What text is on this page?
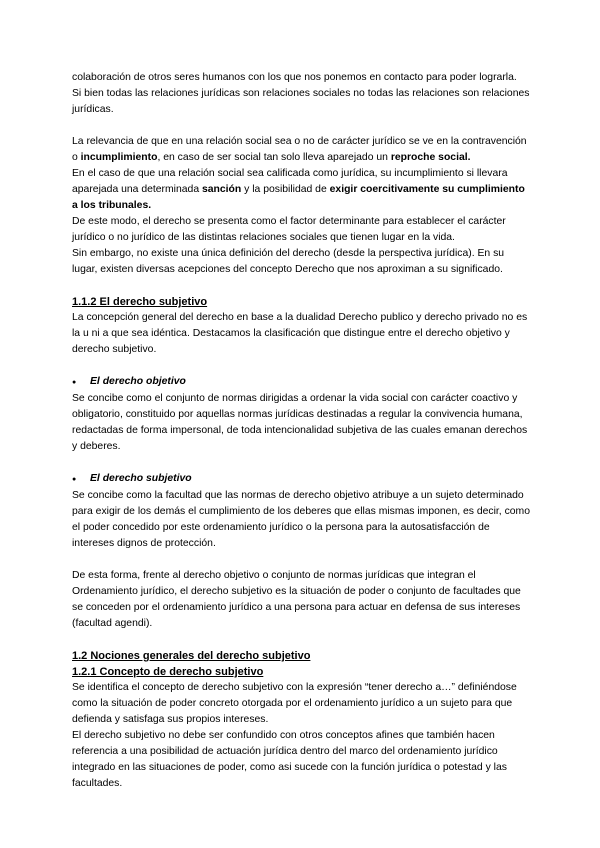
colaboración de otros seres humanos con los que nos ponemos en contacto para poder lograrla.

Si bien todas las relaciones jurídicas son relaciones sociales no todas las relaciones son relaciones jurídicas.

La relevancia de que en una relación social sea o no de carácter jurídico se ve en la contravención o incumplimiento, en caso de ser social tan solo lleva aparejado un reproche social.

En el caso de que una relación social sea calificada como jurídica, su incumplimiento si llevara aparejada una determinada sanción y la posibilidad de exigir coercitivamente su cumplimiento a los tribunales.

De este modo, el derecho se presenta como el factor determinante para establecer el carácter jurídico o no jurídico de las distintas relaciones sociales que tienen lugar en la vida.

Sin embargo, no existe una única definición del derecho (desde la perspectiva jurídica). En su lugar, existen diversas acepciones del concepto Derecho que nos aproximan a su significado.

1.1.2 El derecho subjetivo

La concepción general del derecho en base a la dualidad Derecho publico y derecho privado no es la u ni a que sea idéntica. Destacamos la clasificación que distingue entre el derecho objetivo y derecho subjetivo.

● El derecho objetivo

Se concibe como el conjunto de normas dirigidas a ordenar la vida social con carácter coactivo y obligatorio, constituido por aquellas normas jurídicas destinadas a regular la convivencia humana, redactadas de forma impersonal, de toda intencionalidad subjetiva de las cuales emanan derechos y deberes.

● El derecho subjetivo

Se concibe como la facultad que las normas de derecho objetivo atribuye a un sujeto determinado para exigir de los demás el cumplimiento de los deberes que ellas mismas imponen, es decir, como el poder concedido por este ordenamiento jurídico o la persona para la autosatisfacción de intereses dignos de protección.

De esta forma, frente al derecho objetivo o conjunto de normas jurídicas que integran el Ordenamiento jurídico, el derecho subjetivo es la situación de poder o conjunto de facultades que se conceden por el ordenamiento jurídico a una persona para actuar en defensa de sus intereses (facultad agendi).

1.2 Nociones generales del derecho subjetivo

1.2.1 Concepto de derecho subjetivo

Se identifica el concepto de derecho subjetivo con la expresión “tener derecho a…” definiéndose como la situación de poder concreto otorgada por el ordenamiento jurídico a un sujeto para que defienda y satisfaga sus propios intereses.

El derecho subjetivo no debe ser confundido con otros conceptos afines que también hacen referencia a una posibilidad de actuación jurídica dentro del marco del ordenamiento jurídico integrado en las situaciones de poder, como asi sucede con la función jurídica o potestad y las facultades.
